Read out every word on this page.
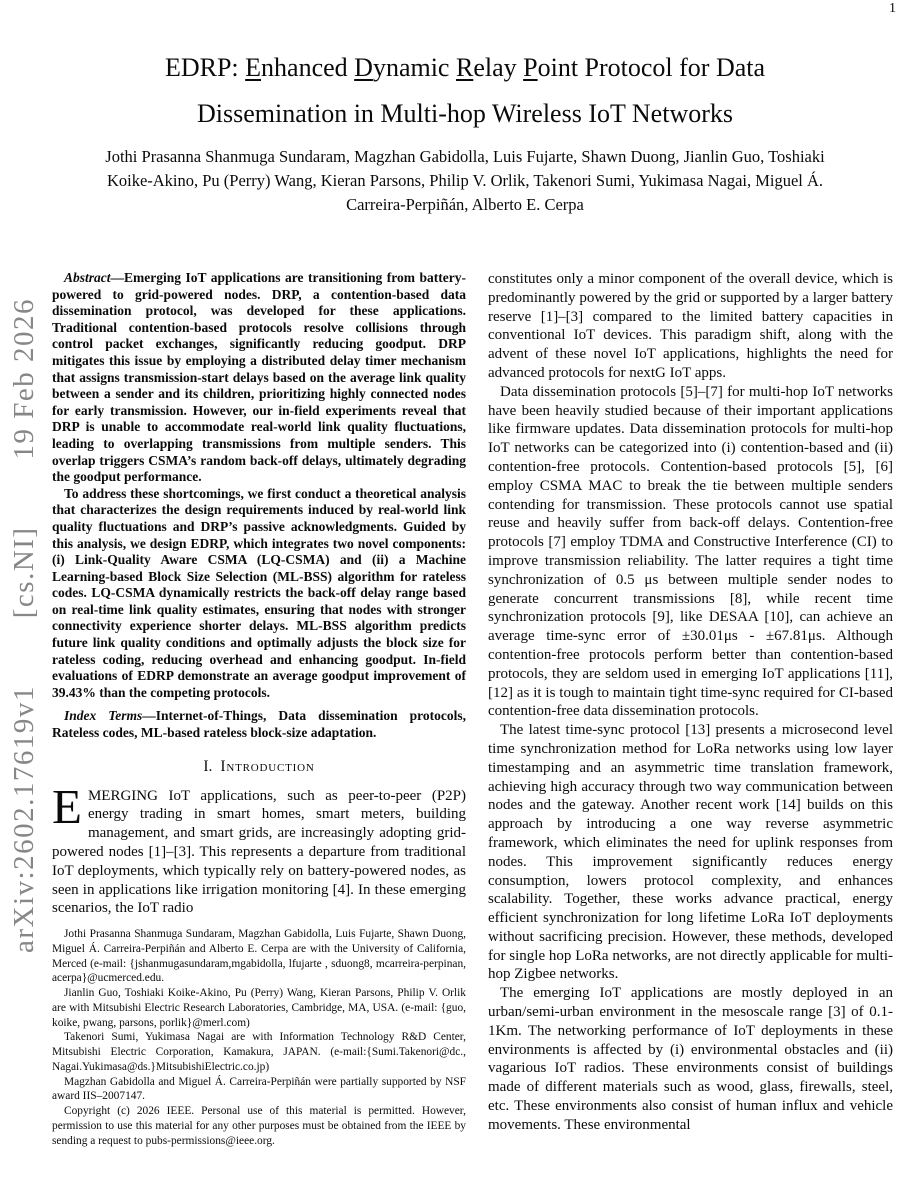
1
arXiv:2602.17619v1
[cs.NI]
19 Feb 2026
EDRP: Enhanced Dynamic Relay Point Protocol for Data
Dissemination in Multi-hop Wireless IoT Networks
Jothi Prasanna Shanmuga Sundaram, Magzhan Gabidolla, Luis Fujarte, Shawn Duong, Jianlin Guo, Toshiaki
Koike-Akino, Pu (Perry) Wang, Kieran Parsons, Philip V. Orlik, Takenori Sumi, Yukimasa Nagai, Miguel Á.
Carreira-Perpiñán, Alberto E. Cerpa

Abstract—Emerging IoT applications are transitioning from battery-powered to grid-powered nodes. DRP, a contention-based data dissemination protocol, was developed for these applications. Traditional contention-based protocols resolve collisions through control packet exchanges, significantly reducing goodput. DRP mitigates this issue by employing a distributed delay timer mechanism that assigns transmission-start delays based on the average link quality between a sender and its children, prioritizing highly connected nodes for early transmission. However, our in-field experiments reveal that DRP is unable to accommodate real-world link quality fluctuations, leading to overlapping transmissions from multiple senders. This overlap triggers CSMA’s random back-off delays, ultimately degrading the goodput performance.

To address these shortcomings, we first conduct a theoretical analysis that characterizes the design requirements induced by real-world link quality fluctuations and DRP’s passive acknowledgments. Guided by this analysis, we design EDRP, which integrates two novel components: (i) Link-Quality Aware CSMA (LQ-CSMA) and (ii) a Machine Learning-based Block Size Selection (ML-BSS) algorithm for rateless codes. LQ-CSMA dynamically restricts the back-off delay range based on real-time link quality estimates, ensuring that nodes with stronger connectivity experience shorter delays. ML-BSS algorithm predicts future link quality conditions and optimally adjusts the block size for rateless coding, reducing overhead and enhancing goodput. In-field evaluations of EDRP demonstrate an average goodput improvement of 39.43% than the competing protocols.

Index Terms—Internet-of-Things, Data dissemination protocols, Rateless codes, ML-based rateless block-size adaptation.

I. Introduction

EMERGING IoT applications, such as peer-to-peer (P2P) energy trading in smart homes, smart meters, building management, and smart grids, are increasingly adopting grid-powered nodes [1]–[3]. This represents a departure from traditional IoT deployments, which typically rely on battery-powered nodes, as seen in applications like irrigation monitoring [4]. In these emerging scenarios, the IoT radio

Jothi Prasanna Shanmuga Sundaram, Magzhan Gabidolla, Luis Fujarte, Shawn Duong, Miguel Á. Carreira-Perpiñán and Alberto E. Cerpa are with the University of California, Merced (e-mail: {jshanmugasundaram,mgabidolla, lfujarte , sduong8, mcarreira-perpinan, acerpa}@ucmerced.edu.

Jianlin Guo, Toshiaki Koike-Akino, Pu (Perry) Wang, Kieran Parsons, Philip V. Orlik are with Mitsubishi Electric Research Laboratories, Cambridge, MA, USA. (e-mail: {guo, koike, pwang, parsons, porlik}@merl.com)

Takenori Sumi, Yukimasa Nagai are with Information Technology R&D Center, Mitsubishi Electric Corporation, Kamakura, JAPAN. (e-mail:{Sumi.Takenori@dc., Nagai.Yukimasa@ds.}MitsubishiElectric.co.jp)

Magzhan Gabidolla and Miguel Á. Carreira-Perpiñán were partially supported by NSF award IIS–2007147.

Copyright (c) 2026 IEEE. Personal use of this material is permitted. However, permission to use this material for any other purposes must be obtained from the IEEE by sending a request to pubs-permissions@ieee.org.

constitutes only a minor component of the overall device, which is predominantly powered by the grid or supported by a larger battery reserve [1]–[3] compared to the limited battery capacities in conventional IoT devices. This paradigm shift, along with the advent of these novel IoT applications, highlights the need for advanced protocols for nextG IoT apps.

Data dissemination protocols [5]–[7] for multi-hop IoT networks have been heavily studied because of their important applications like firmware updates. Data dissemination protocols for multi-hop IoT networks can be categorized into (i) contention-based and (ii) contention-free protocols. Contention-based protocols [5], [6] employ CSMA MAC to break the tie between multiple senders contending for transmission. These protocols cannot use spatial reuse and heavily suffer from back-off delays. Contention-free protocols [7] employ TDMA and Constructive Interference (CI) to improve transmission reliability. The latter requires a tight time synchronization of 0.5 μs between multiple sender nodes to generate concurrent transmissions [8], while recent time synchronization protocols [9], like DESAA [10], can achieve an average time-sync error of ±30.01μs - ±67.81μs. Although contention-free protocols perform better than contention-based protocols, they are seldom used in emerging IoT applications [11], [12] as it is tough to maintain tight time-sync required for CI-based contention-free data dissemination protocols.

The latest time-sync protocol [13] presents a microsecond level time synchronization method for LoRa networks using low layer timestamping and an asymmetric time translation framework, achieving high accuracy through two way communication between nodes and the gateway. Another recent work [14] builds on this approach by introducing a one way reverse asymmetric framework, which eliminates the need for uplink responses from nodes. This improvement significantly reduces energy consumption, lowers protocol complexity, and enhances scalability. Together, these works advance practical, energy efficient synchronization for long lifetime LoRa IoT deployments without sacrificing precision. However, these methods, developed for single hop LoRa networks, are not directly applicable for multi-hop Zigbee networks.

The emerging IoT applications are mostly deployed in an urban/semi-urban environment in the mesoscale range [3] of 0.1-1Km. The networking performance of IoT deployments in these environments is affected by (i) environmental obstacles and (ii) vagarious IoT radios. These environments consist of buildings made of different materials such as wood, glass, firewalls, steel, etc. These environments also consist of human influx and vehicle movements. These environmental
